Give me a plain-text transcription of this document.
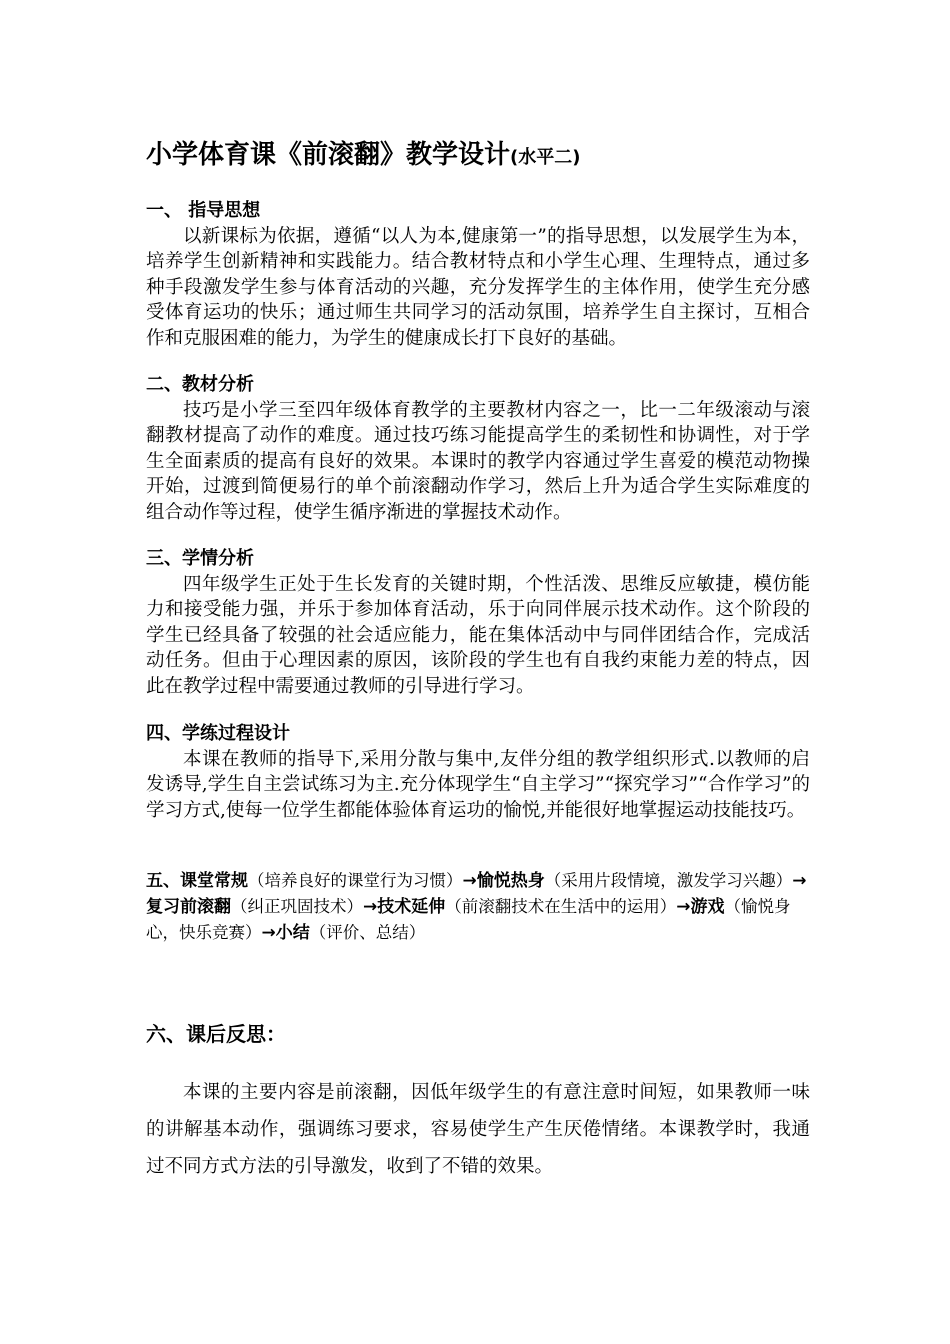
小学体育课《前滚翻》教学设计(水平二)
一、 指导思想
以新课标为依据，遵循“以人为本,健康第一”的指导思想，以发展学生为本，培养学生创新精神和实践能力。结合教材特点和小学生心理、生理特点，通过多种手段激发学生参与体育活动的兴趣，充分发挥学生的主体作用，使学生充分感受体育运功的快乐；通过师生共同学习的活动氛围，培养学生自主探讨，互相合作和克服困难的能力，为学生的健康成长打下良好的基础。
二、教材分析
技巧是小学三至四年级体育教学的主要教材内容之一，比一二年级滚动与滚翻教材提高了动作的难度。通过技巧练习能提高学生的柔韧性和协调性，对于学生全面素质的提高有良好的效果。本课时的教学内容通过学生喜爱的模范动物操开始，过渡到简便易行的单个前滚翻动作学习，然后上升为适合学生实际难度的组合动作等过程，使学生循序渐进的掌握技术动作。
三、学情分析
四年级学生正处于生长发育的关键时期，个性活泼、思维反应敏捷，模仿能力和接受能力强，并乐于参加体育活动，乐于向同伴展示技术动作。这个阶段的学生已经具备了较强的社会适应能力，能在集体活动中与同伴团结合作，完成活动任务。但由于心理因素的原因，该阶段的学生也有自我约束能力差的特点，因此在教学过程中需要通过教师的引导进行学习。
四、学练过程设计
本课在教师的指导下,采用分散与集中,友伴分组的教学组织形式.以教师的启发诱导,学生自主尝试练习为主.充分体现学生“自主学习”“探究学习”“合作学习”的学习方式,使每一位学生都能体验体育运功的愉悦,并能很好地掌握运动技能技巧。
五、课堂常规（培养良好的课堂行为习惯）→愉悦热身（采用片段情境，激发学习兴趣）→复习前滚翻（纠正巩固技术）→技术延伸（前滚翻技术在生活中的运用）→游戏（愉悦身心，快乐竞赛）→小结（评价、总结）
六、课后反思：
本课的主要内容是前滚翻，因低年级学生的有意注意时间短，如果教师一味的讲解基本动作，强调练习要求，容易使学生产生厌倦情绪。本课教学时，我通过不同方式方法的引导激发，收到了不错的效果。
